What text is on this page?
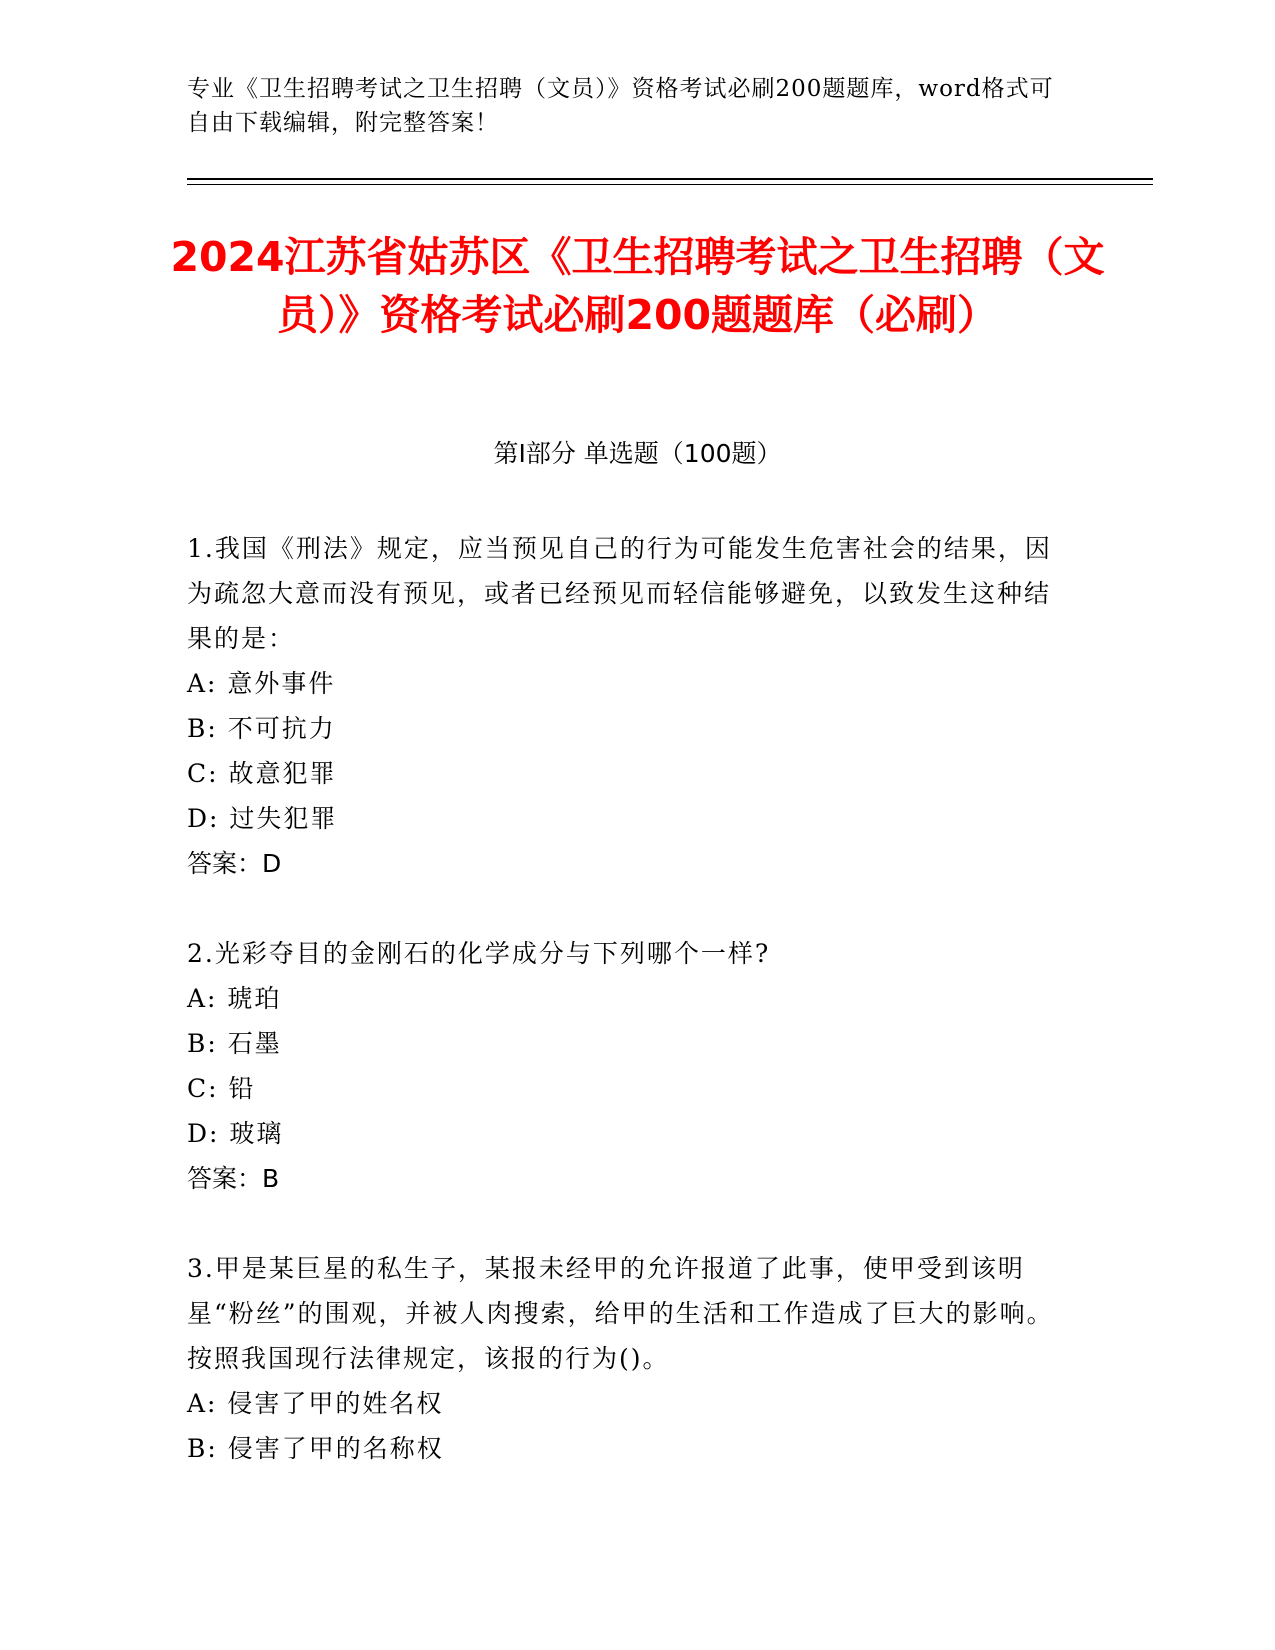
专业《卫生招聘考试之卫生招聘（文员）》资格考试必刷200题题库，word格式可自由下载编辑，附完整答案！
2024江苏省姑苏区《卫生招聘考试之卫生招聘（文员）》资格考试必刷200题题库（必刷）
第Ⅰ部分 单选题（100题）

1.我国《刑法》规定，应当预见自己的行为可能发生危害社会的结果，因为疏忽大意而没有预见，或者已经预见而轻信能够避免，以致发生这种结果的是：

A: 意外事件

B: 不可抗力

C: 故意犯罪

D: 过失犯罪

答案：D

2.光彩夺目的金刚石的化学成分与下列哪个一样?

A: 琥珀

B: 石墨

C: 铅

D: 玻璃

答案：B

3.甲是某巨星的私生子，某报未经甲的允许报道了此事，使甲受到该明星“粉丝”的围观，并被人肉搜索，给甲的生活和工作造成了巨大的影响。按照我国现行法律规定，该报的行为()。

A: 侵害了甲的姓名权

B: 侵害了甲的名称权
